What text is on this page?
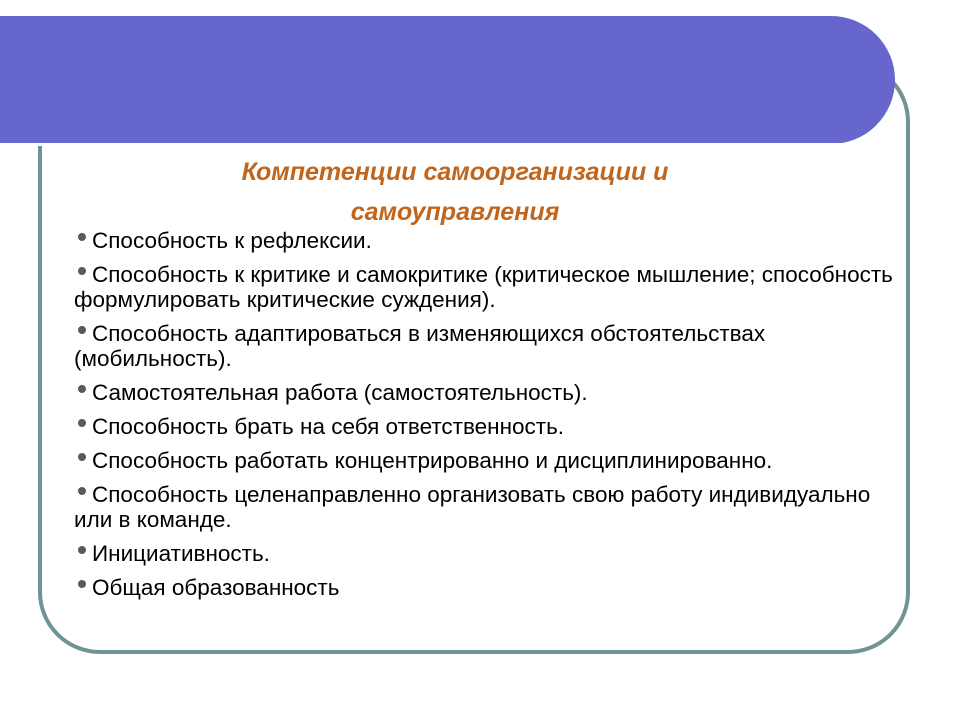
Компетенции самоорганизации и самоуправления
Способность к рефлексии.
Способность к критике и самокритике (критическое мышление; способность формулировать критические суждения).
Способность адаптироваться в изменяющихся обстоятельствах (мобильность).
Самостоятельная работа (самостоятельность).
Способность брать на себя ответственность.
Способность работать концентрированно и дисциплинированно.
Способность целенаправленно организовать свою работу индивидуально или в команде.
Инициативность.
Общая образованность
